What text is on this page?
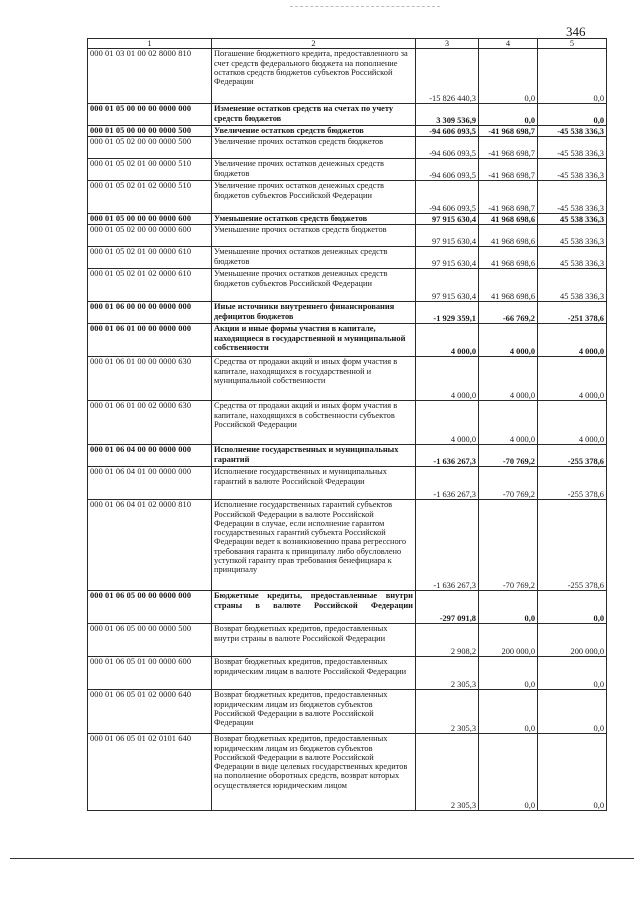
346
1	2	3	4	5
000 01 03 01 00 02 8000 810	Погашение бюджетного кредита, предоставленного за счет средств федерального бюджета на пополнение остатков средств бюджетов субъектов Российской Федерации	-15 826 440,3	0,0	0,0
000 01 05 00 00 00 0000 000	Изменение остатков средств на счетах по учету средств бюджетов	3 309 536,9	0,0	0,0
000 01 05 00 00 00 0000 500	Увеличение остатков средств бюджетов	-94 606 093,5	-41 968 698,7	-45 538 336,3
000 01 05 02 00 00 0000 500	Увеличение прочих остатков средств бюджетов	-94 606 093,5	-41 968 698,7	-45 538 336,3
000 01 05 02 01 00 0000 510	Увеличение прочих остатков денежных средств бюджетов	-94 606 093,5	-41 968 698,7	-45 538 336,3
000 01 05 02 01 02 0000 510	Увеличение прочих остатков денежных средств бюджетов субъектов Российской Федерации	-94 606 093,5	-41 968 698,7	-45 538 336,3
000 01 05 00 00 00 0000 600	Уменьшение остатков средств бюджетов	97 915 630,4	41 968 698,6	45 538 336,3
000 01 05 02 00 00 0000 600	Уменьшение прочих остатков средств бюджетов	97 915 630,4	41 968 698,6	45 538 336,3
000 01 05 02 01 00 0000 610	Уменьшение прочих остатков денежных средств бюджетов	97 915 630,4	41 968 698,6	45 538 336,3
000 01 05 02 01 02 0000 610	Уменьшение прочих остатков денежных средств бюджетов субъектов Российской Федерации	97 915 630,4	41 968 698,6	45 538 336,3
000 01 06 00 00 00 0000 000	Иные источники внутреннего финансирования дефицитов бюджетов	-1 929 359,1	-66 769,2	-251 378,6
000 01 06 01 00 00 0000 000	Акции и иные формы участия в капитале, находящиеся в государственной и муниципальной собственности	4 000,0	4 000,0	4 000,0
000 01 06 01 00 00 0000 630	Средства от продажи акций и иных форм участия в капитале, находящихся в государственной и муниципальной собственности	4 000,0	4 000,0	4 000,0
000 01 06 01 00 02 0000 630	Средства от продажи акций и иных форм участия в капитале, находящихся в собственности субъектов Российской Федерации	4 000,0	4 000,0	4 000,0
000 01 06 04 00 00 0000 000	Исполнение государственных и муниципальных гарантий	-1 636 267,3	-70 769,2	-255 378,6
000 01 06 04 01 00 0000 000	Исполнение государственных и муниципальных гарантий в валюте Российской Федерации	-1 636 267,3	-70 769,2	-255 378,6
000 01 06 04 01 02 0000 810	Исполнение государственных гарантий субъектов Российской Федерации в валюте Российской Федерации в случае, если исполнение гарантом государственных гарантий субъекта Российской Федерации ведет к возникновению права регрессного требования гаранта к принципалу либо обусловлено уступкой гаранту прав требования бенефициара к принципалу	-1 636 267,3	-70 769,2	-255 378,6
000 01 06 05 00 00 0000 000	Бюджетные кредиты, предоставленные внутри страны в валюте Российской Федерации	-297 091,8	0,0	0,0
000 01 06 05 00 00 0000 500	Возврат бюджетных кредитов, предоставленных внутри страны в валюте Российской Федерации	2 908,2	200 000,0	200 000,0
000 01 06 05 01 00 0000 600	Возврат бюджетных кредитов, предоставленных юридическим лицам в валюте Российской Федерации	2 305,3	0,0	0,0
000 01 06 05 01 02 0000 640	Возврат бюджетных кредитов, предоставленных юридическим лицам из бюджетов субъектов Российской Федерации в валюте Российской Федерации	2 305,3	0,0	0,0
000 01 06 05 01 02 0101 640	Возврат бюджетных кредитов, предоставленных юридическим лицам из бюджетов субъектов Российской Федерации в валюте Российской Федерации в виде целевых государственных кредитов на пополнение оборотных средств, возврат которых осуществляется юридическим лицом	2 305,3	0,0	0,0
